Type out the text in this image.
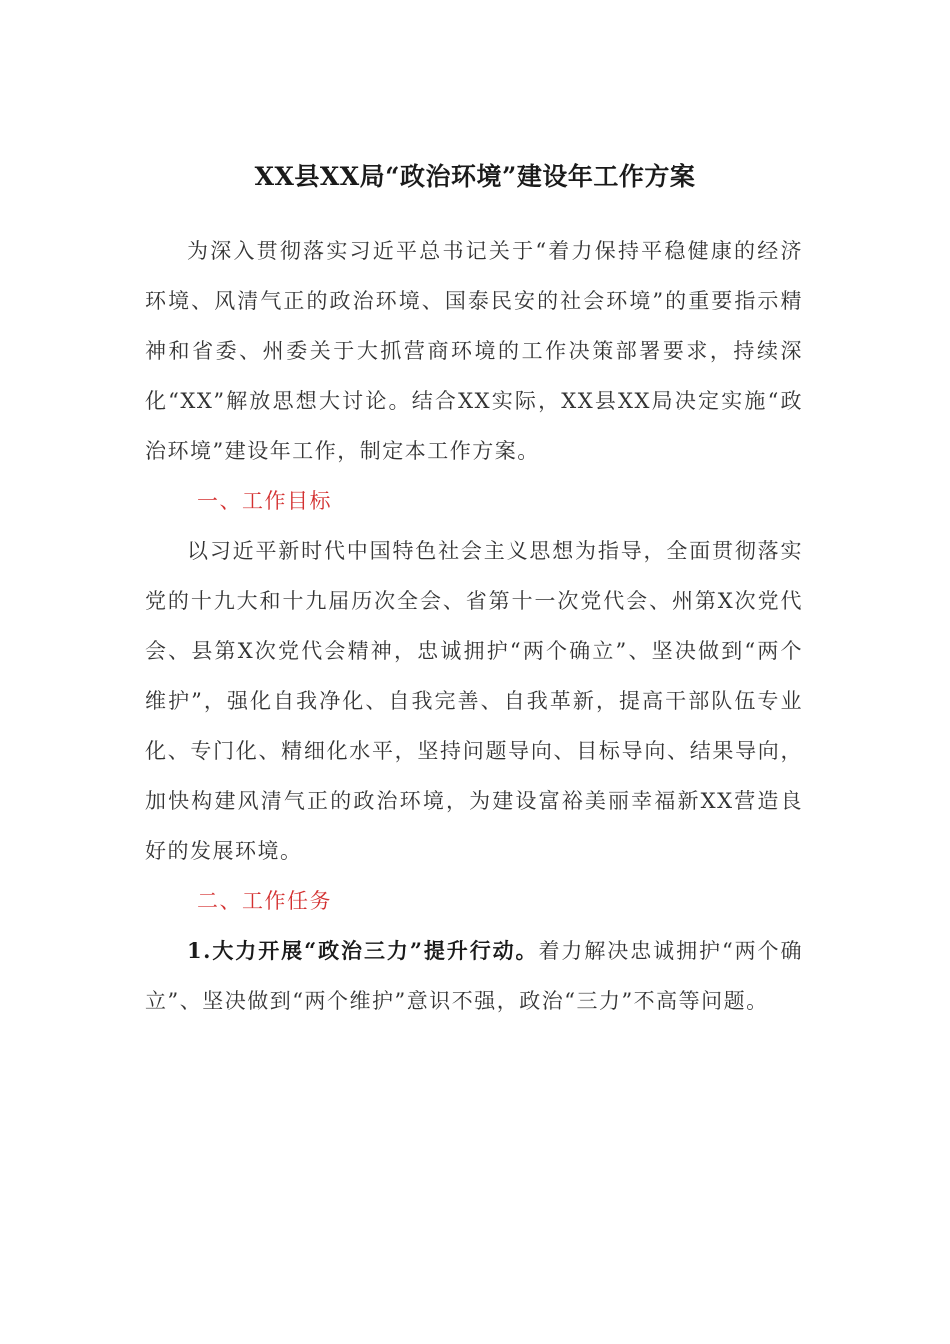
XX县XX局“政治环境”建设年工作方案

为深入贯彻落实习近平总书记关于“着力保持平稳健康的经济环境、风清气正的政治环境、国泰民安的社会环境”的重要指示精神和省委、州委关于大抓营商环境的工作决策部署要求，持续深化“XX”解放思想大讨论。结合XX实际，XX县XX局决定实施“政治环境”建设年工作，制定本工作方案。

一、工作目标

以习近平新时代中国特色社会主义思想为指导，全面贯彻落实党的十九大和十九届历次全会、省第十一次党代会、州第X次党代会、县第X次党代会精神，忠诚拥护“两个确立”、坚决做到“两个维护”，强化自我净化、自我完善、自我革新，提高干部队伍专业化、专门化、精细化水平，坚持问题导向、目标导向、结果导向，加快构建风清气正的政治环境，为建设富裕美丽幸福新XX营造良好的发展环境。

二、工作任务

1.大力开展“政治三力”提升行动。着力解决忠诚拥护“两个确立”、坚决做到“两个维护”意识不强，政治“三力”不高等问题。
